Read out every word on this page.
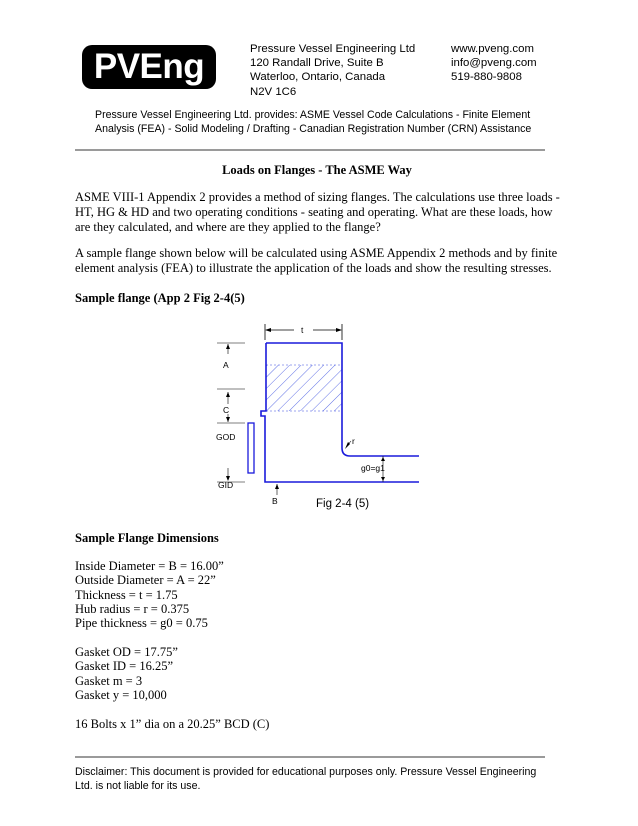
PVEng	Pressure Vessel Engineering Ltd
120 Randall Drive, Suite B
Waterloo, Ontario, Canada
N2V 1C6
www.pveng.com
info@pveng.com
519-880-9808
Pressure Vessel Engineering Ltd. provides: ASME Vessel Code Calculations - Finite Element Analysis (FEA) - Solid Modeling / Drafting - Canadian Registration Number (CRN) Assistance
Loads on Flanges - The ASME Way
ASME VIII-1 Appendix 2 provides a method of sizing flanges. The calculations use three loads - HT, HG & HD and two operating conditions - seating and operating. What are these loads, how are they calculated, and where are they applied to the flange?
A sample flange shown below will be calculated using ASME Appendix 2 methods and by finite element analysis (FEA) to illustrate the application of the loads and show the resulting stresses.
Sample flange (App 2 Fig 2-4(5)
t
r
g0=g1
A
C
GOD
GID
B	Fig 2-4 (5)
Sample Flange Dimensions
Inside Diameter = B = 16.00”
Outside Diameter = A = 22”
Thickness = t = 1.75
Hub radius = r = 0.375
Pipe thickness = g0 = 0.75
Gasket OD = 17.75”
Gasket ID = 16.25”
Gasket m = 3
Gasket y = 10,000
16 Bolts x 1” dia on a 20.25” BCD (C)
Disclaimer: This document is provided for educational purposes only. Pressure Vessel Engineering Ltd. is not liable for its use.
